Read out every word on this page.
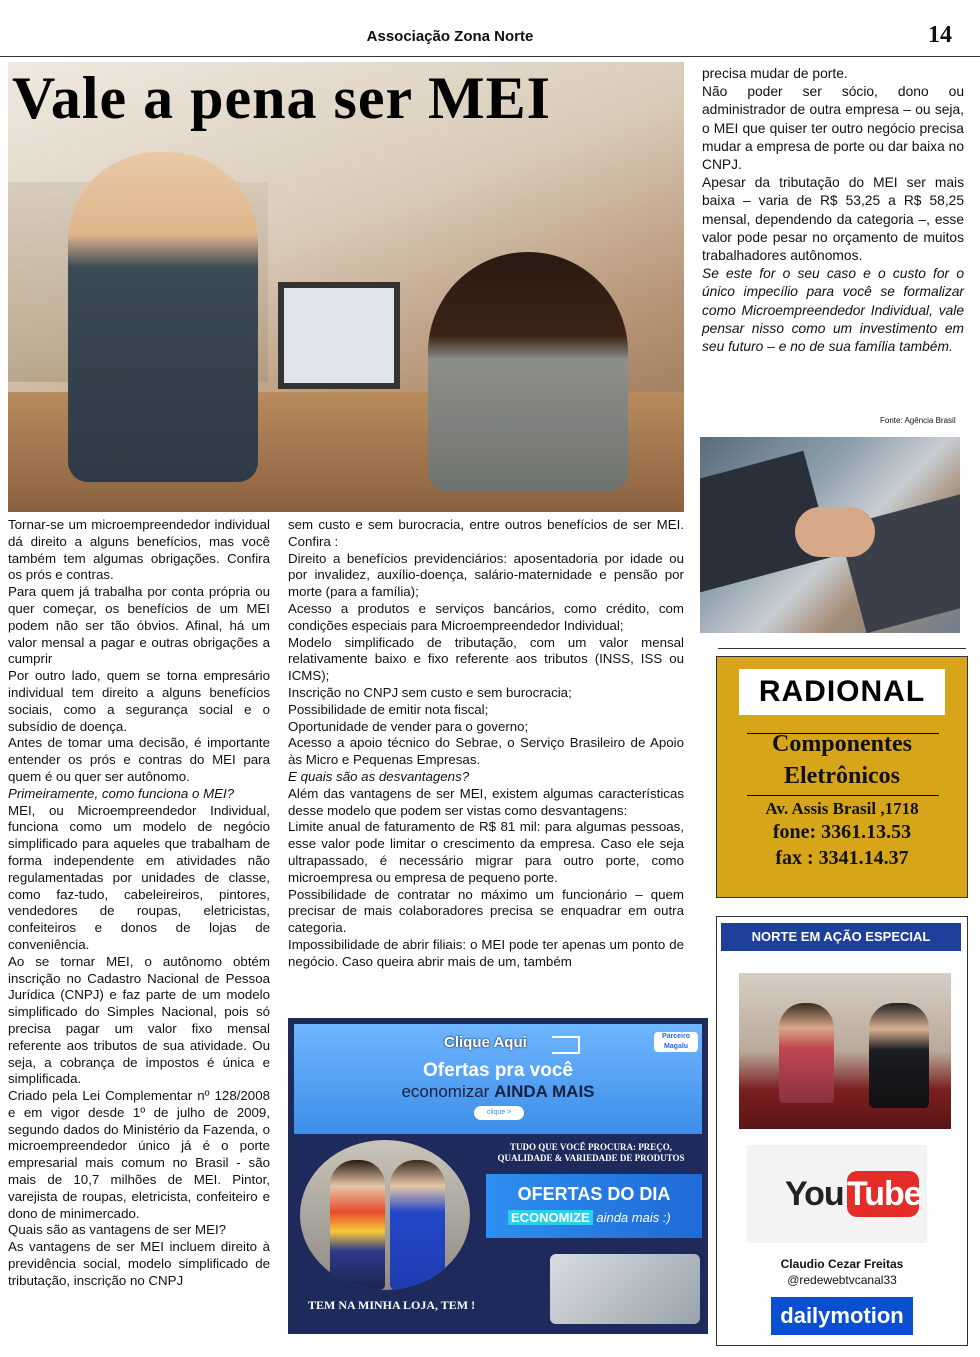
Associação Zona Norte	14
Vale a pena ser MEI

Tornar-se um microempreendedor individual dá direito a alguns benefícios, mas você também tem algumas obrigações. Confira os prós e contras.

Para quem já trabalha por conta própria ou quer começar, os benefícios de um MEI podem não ser tão óbvios. Afinal, há um valor mensal a pagar e outras obrigações a cumprir

Por outro lado, quem se torna empresário individual tem direito a alguns benefícios sociais, como a segurança social e o subsídio de doença.

Antes de tomar uma decisão, é importante entender os prós e contras do MEI para quem é ou quer ser autônomo.

Primeiramente, como funciona o MEI?

MEI, ou Microempreendedor Individual, funciona como um modelo de negócio simplificado para aqueles que trabalham de forma independente em atividades não regulamentadas por unidades de classe, como faz-tudo, cabeleireiros, pintores, vendedores de roupas, eletricistas, confeiteiros e donos de lojas de conveniência.

Ao se tornar MEI, o autônomo obtém inscrição no Cadastro Nacional de Pessoa Jurídica (CNPJ) e faz parte de um modelo simplificado do Simples Nacional, pois só precisa pagar um valor fixo mensal referente aos tributos de sua atividade. Ou seja, a cobrança de impostos é única e simplificada.

Criado pela Lei Complementar nº 128/2008 e em vigor desde 1º de julho de 2009, segundo dados do Ministério da Fazenda, o microempreendedor único já é o porte empresarial mais comum no Brasil - são mais de 10,7 milhões de MEI. Pintor, varejista de roupas, eletricista, confeiteiro e dono de minimercado.

Quais são as vantagens de ser MEI?

As vantagens de ser MEI incluem direito à previdência social, modelo simplificado de tributação, inscrição no CNPJ

sem custo e sem burocracia, entre outros benefícios de ser MEI. Confira :

Direito a benefícios previdenciários: aposentadoria por idade ou por invalidez, auxílio-doença, salário-maternidade e pensão por morte (para a família);

Acesso a produtos e serviços bancários, como crédito, com condições especiais para Microempreendedor Individual;

Modelo simplificado de tributação, com um valor mensal relativamente baixo e fixo referente aos tributos (INSS, ISS ou ICMS);

Inscrição no CNPJ sem custo e sem burocracia;

Possibilidade de emitir nota fiscal;

Oportunidade de vender para o governo;

Acesso a apoio técnico do Sebrae, o Serviço Brasileiro de Apoio às Micro e Pequenas Empresas.

E quais são as desvantagens?

Além das vantagens de ser MEI, existem algumas características desse modelo que podem ser vistas como desvantagens:

Limite anual de faturamento de R$ 81 mil: para algumas pessoas, esse valor pode limitar o crescimento da empresa. Caso ele seja ultrapassado, é necessário migrar para outro porte, como microempresa ou empresa de pequeno porte.

Possibilidade de contratar no máximo um funcionário – quem precisar de mais colaboradores precisa se enquadrar em outra categoria.

Impossibilidade de abrir filiais: o MEI pode ter apenas um ponto de negócio. Caso queira abrir mais de um, também

precisa mudar de porte.

Não poder ser sócio, dono ou administrador de outra empresa – ou seja, o MEI que quiser ter outro negócio precisa mudar a empresa de porte ou dar baixa no CNPJ.

Apesar da tributação do MEI ser mais baixa – varia de R$ 53,25 a R$ 58,25 mensal, dependendo da categoria –, esse valor pode pesar no orçamento de muitos trabalhadores autônomos.

Se este for o seu caso e o custo for o único impecílio para você se formalizar como Microempreendedor Individual, vale pensar nisso como um investimento em seu futuro – e no de sua família também.

Fonte: Agência Brasil
RADIONAL
Componentes
Eletrônicos
Av. Assis Brasil ,1718
fone: 3361.13.53
fax : 3341.14.37
Clique Aqui	Parceiro Magalu
Ofertas pra você
economizar AINDA MAIS
clique >
TUDO QUE VOCÊ PROCURA: PREÇO, QUALIDADE & VARIEDADE DE PRODUTOS
OFERTAS DO DIA
ECONOMIZE ainda mais :)
TEM NA MINHA LOJA, TEM !
NORTE EM AÇÃO ESPECIAL
You Tube
Claudio Cezar Freitas
@redewebtvcanal33
dailymotion
